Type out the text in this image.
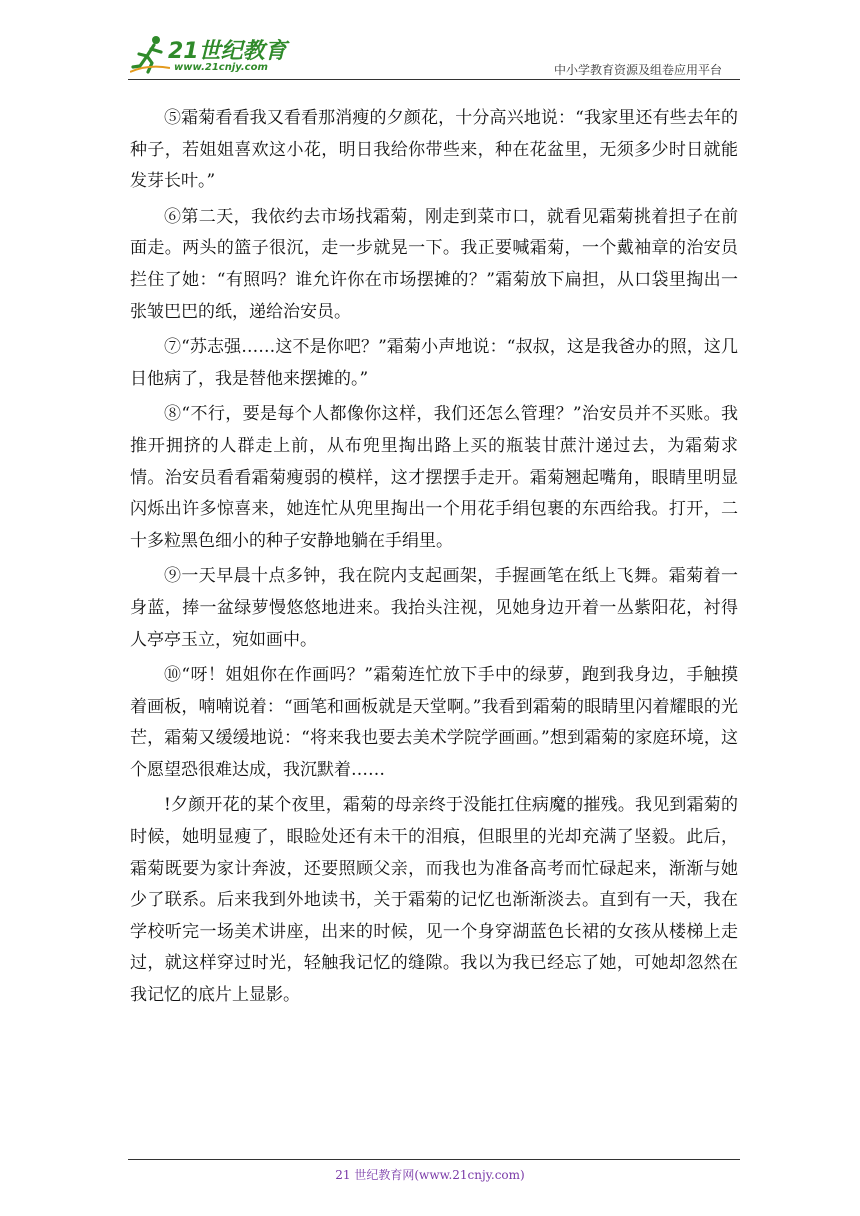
21世纪教育
www.21cnjy.com	中小学教育资源及组卷应用平台

⑤霜菊看看我又看看那消瘦的夕颜花，十分高兴地说：“我家里还有些去年的种子，若姐姐喜欢这小花，明日我给你带些来，种在花盆里，无须多少时日就能发芽长叶。”

⑥第二天，我依约去市场找霜菊，刚走到菜市口，就看见霜菊挑着担子在前面走。两头的篮子很沉，走一步就晃一下。我正要喊霜菊，一个戴袖章的治安员拦住了她：“有照吗？谁允许你在市场摆摊的？”霜菊放下扁担，从口袋里掏出一张皱巴巴的纸，递给治安员。

⑦“苏志强……这不是你吧？”霜菊小声地说：“叔叔，这是我爸办的照，这几日他病了，我是替他来摆摊的。”

⑧“不行，要是每个人都像你这样，我们还怎么管理？”治安员并不买账。我推开拥挤的人群走上前，从布兜里掏出路上买的瓶装甘蔗汁递过去，为霜菊求情。治安员看看霜菊瘦弱的模样，这才摆摆手走开。霜菊翘起嘴角，眼睛里明显闪烁出许多惊喜来，她连忙从兜里掏出一个用花手绢包裹的东西给我。打开，二十多粒黑色细小的种子安静地躺在手绢里。

⑨一天早晨十点多钟，我在院内支起画架，手握画笔在纸上飞舞。霜菊着一身蓝，捧一盆绿萝慢悠悠地进来。我抬头注视，见她身边开着一丛紫阳花，衬得人亭亭玉立，宛如画中。

⑩“呀！姐姐你在作画吗？”霜菊连忙放下手中的绿萝，跑到我身边，手触摸着画板，喃喃说着：“画笔和画板就是天堂啊。”我看到霜菊的眼睛里闪着耀眼的光芒，霜菊又缓缓地说：“将来我也要去美术学院学画画。”想到霜菊的家庭环境，这个愿望恐很难达成，我沉默着……

!夕颜开花的某个夜里，霜菊的母亲终于没能扛住病魔的摧残。我见到霜菊的时候，她明显瘦了，眼睑处还有未干的泪痕，但眼里的光却充满了坚毅。此后，霜菊既要为家计奔波，还要照顾父亲，而我也为准备高考而忙碌起来，渐渐与她少了联系。后来我到外地读书，关于霜菊的记忆也渐渐淡去。直到有一天，我在学校听完一场美术讲座，出来的时候，见一个身穿湖蓝色长裙的女孩从楼梯上走过，就这样穿过时光，轻触我记忆的缝隙。我以为我已经忘了她，可她却忽然在我记忆的底片上显影。

21 世纪教育网(www.21cnjy.com)
